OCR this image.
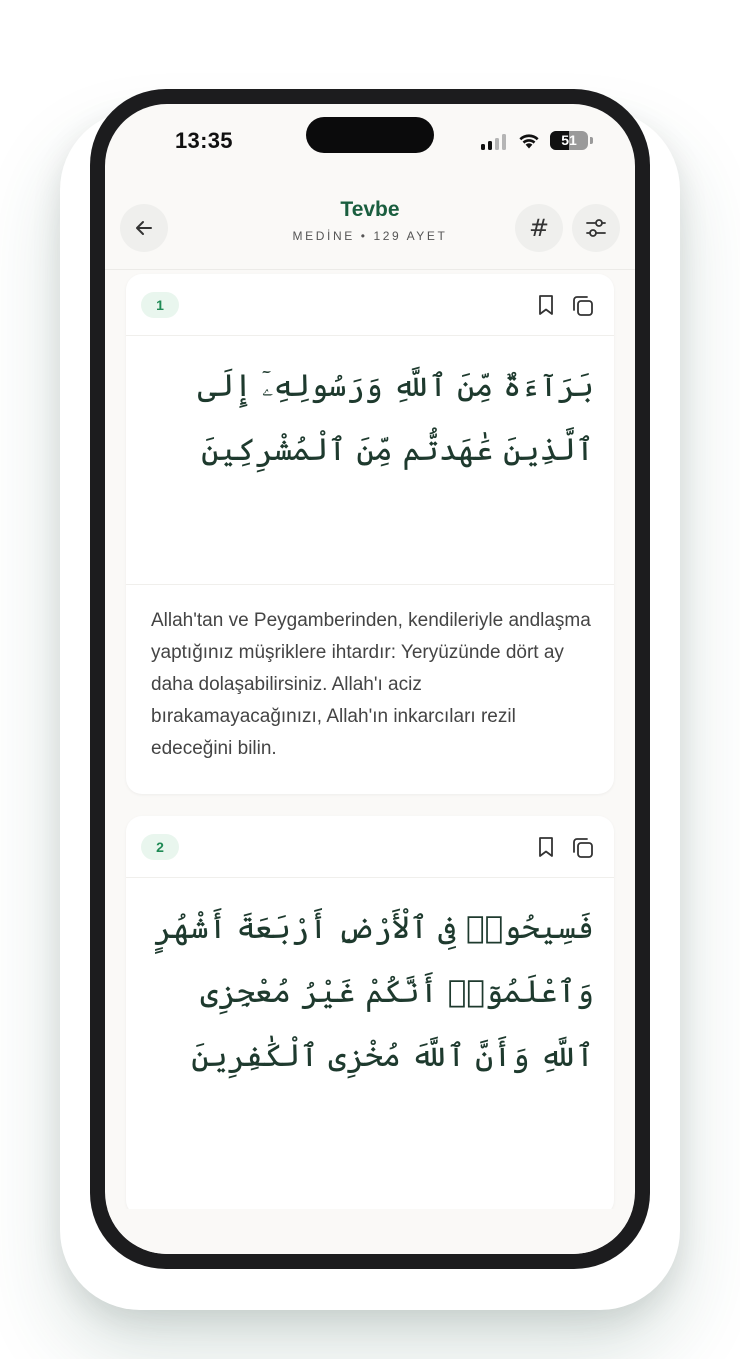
13:35	51
Tevbe
MEDİNE • 129 AYET	#
1
بَرَآءَةٌ مِّنَ ٱللَّهِ وَرَسُولِهِۦٓ إِلَى ٱلَّذِينَ عَٰهَدتُّم مِّنَ ٱلْمُشْرِكِينَ
Allah'tan ve Peygamberinden, kendileriyle andlaşma yaptığınız müşriklere ihtardır: Yeryüzünde dört ay daha dolaşabilirsiniz. Allah'ı aciz bırakamayacağınızı, Allah'ın inkarcıları rezil edeceğini bilin.
2
فَسِيحُوا۟ فِى ٱلْأَرْضِ أَرْبَعَةَ أَشْهُرٍ وَٱعْلَمُوٓا۟ أَنَّكُمْ غَيْرُ مُعْجِزِى ٱللَّهِ وَأَنَّ ٱللَّهَ مُخْزِى ٱلْكَٰفِرِينَ
